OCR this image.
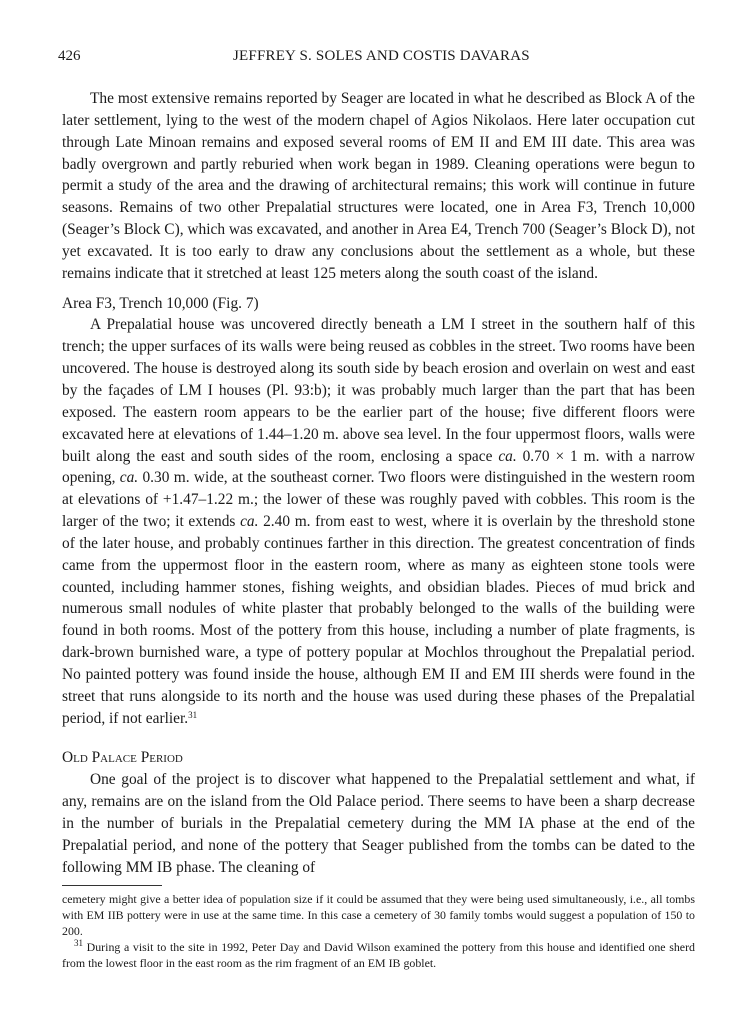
426	JEFFREY S. SOLES AND COSTIS DAVARAS

The most extensive remains reported by Seager are located in what he described as Block A of the later settlement, lying to the west of the modern chapel of Agios Nikolaos. Here later occupation cut through Late Minoan remains and exposed several rooms of EM II and EM III date. This area was badly overgrown and partly reburied when work began in 1989. Cleaning operations were begun to permit a study of the area and the drawing of architectural remains; this work will continue in future seasons. Remains of two other Prepalatial structures were located, one in Area F3, Trench 10,000 (Seager’s Block C), which was excavated, and another in Area E4, Trench 700 (Seager’s Block D), not yet excavated. It is too early to draw any conclusions about the settlement as a whole, but these remains indicate that it stretched at least 125 meters along the south coast of the island.

Area F3, Trench 10,000 (Fig. 7)

A Prepalatial house was uncovered directly beneath a LM I street in the southern half of this trench; the upper surfaces of its walls were being reused as cobbles in the street. Two rooms have been uncovered. The house is destroyed along its south side by beach erosion and overlain on west and east by the façades of LM I houses (Pl. 93:b); it was probably much larger than the part that has been exposed. The eastern room appears to be the earlier part of the house; five different floors were excavated here at elevations of 1.44–1.20 m. above sea level. In the four uppermost floors, walls were built along the east and south sides of the room, enclosing a space ca. 0.70 × 1 m. with a narrow opening, ca. 0.30 m. wide, at the southeast corner. Two floors were distinguished in the western room at elevations of +1.47–1.22 m.; the lower of these was roughly paved with cobbles. This room is the larger of the two; it extends ca. 2.40 m. from east to west, where it is overlain by the threshold stone of the later house, and probably continues farther in this direction. The greatest concentration of finds came from the uppermost floor in the eastern room, where as many as eighteen stone tools were counted, including hammer stones, fishing weights, and obsidian blades. Pieces of mud brick and numerous small nodules of white plaster that probably belonged to the walls of the building were found in both rooms. Most of the pottery from this house, including a number of plate fragments, is dark-brown burnished ware, a type of pottery popular at Mochlos throughout the Prepalatial period. No painted pottery was found inside the house, although EM II and EM III sherds were found in the street that runs alongside to its north and the house was used during these phases of the Prepalatial period, if not earlier.$^{31}$

Old Palace Period

One goal of the project is to discover what happened to the Prepalatial settlement and what, if any, remains are on the island from the Old Palace period. There seems to have been a sharp decrease in the number of burials in the Prepalatial cemetery during the MM IA phase at the end of the Prepalatial period, and none of the pottery that Seager published from the tombs can be dated to the following MM IB phase. The cleaning of

cemetery might give a better idea of population size if it could be assumed that they were being used simultaneously, i.e., all tombs with EM IIB pottery were in use at the same time. In this case a cemetery of 30 family tombs would suggest a population of 150 to 200.

$^{31}$ During a visit to the site in 1992, Peter Day and David Wilson examined the pottery from this house and identified one sherd from the lowest floor in the east room as the rim fragment of an EM IB goblet.
